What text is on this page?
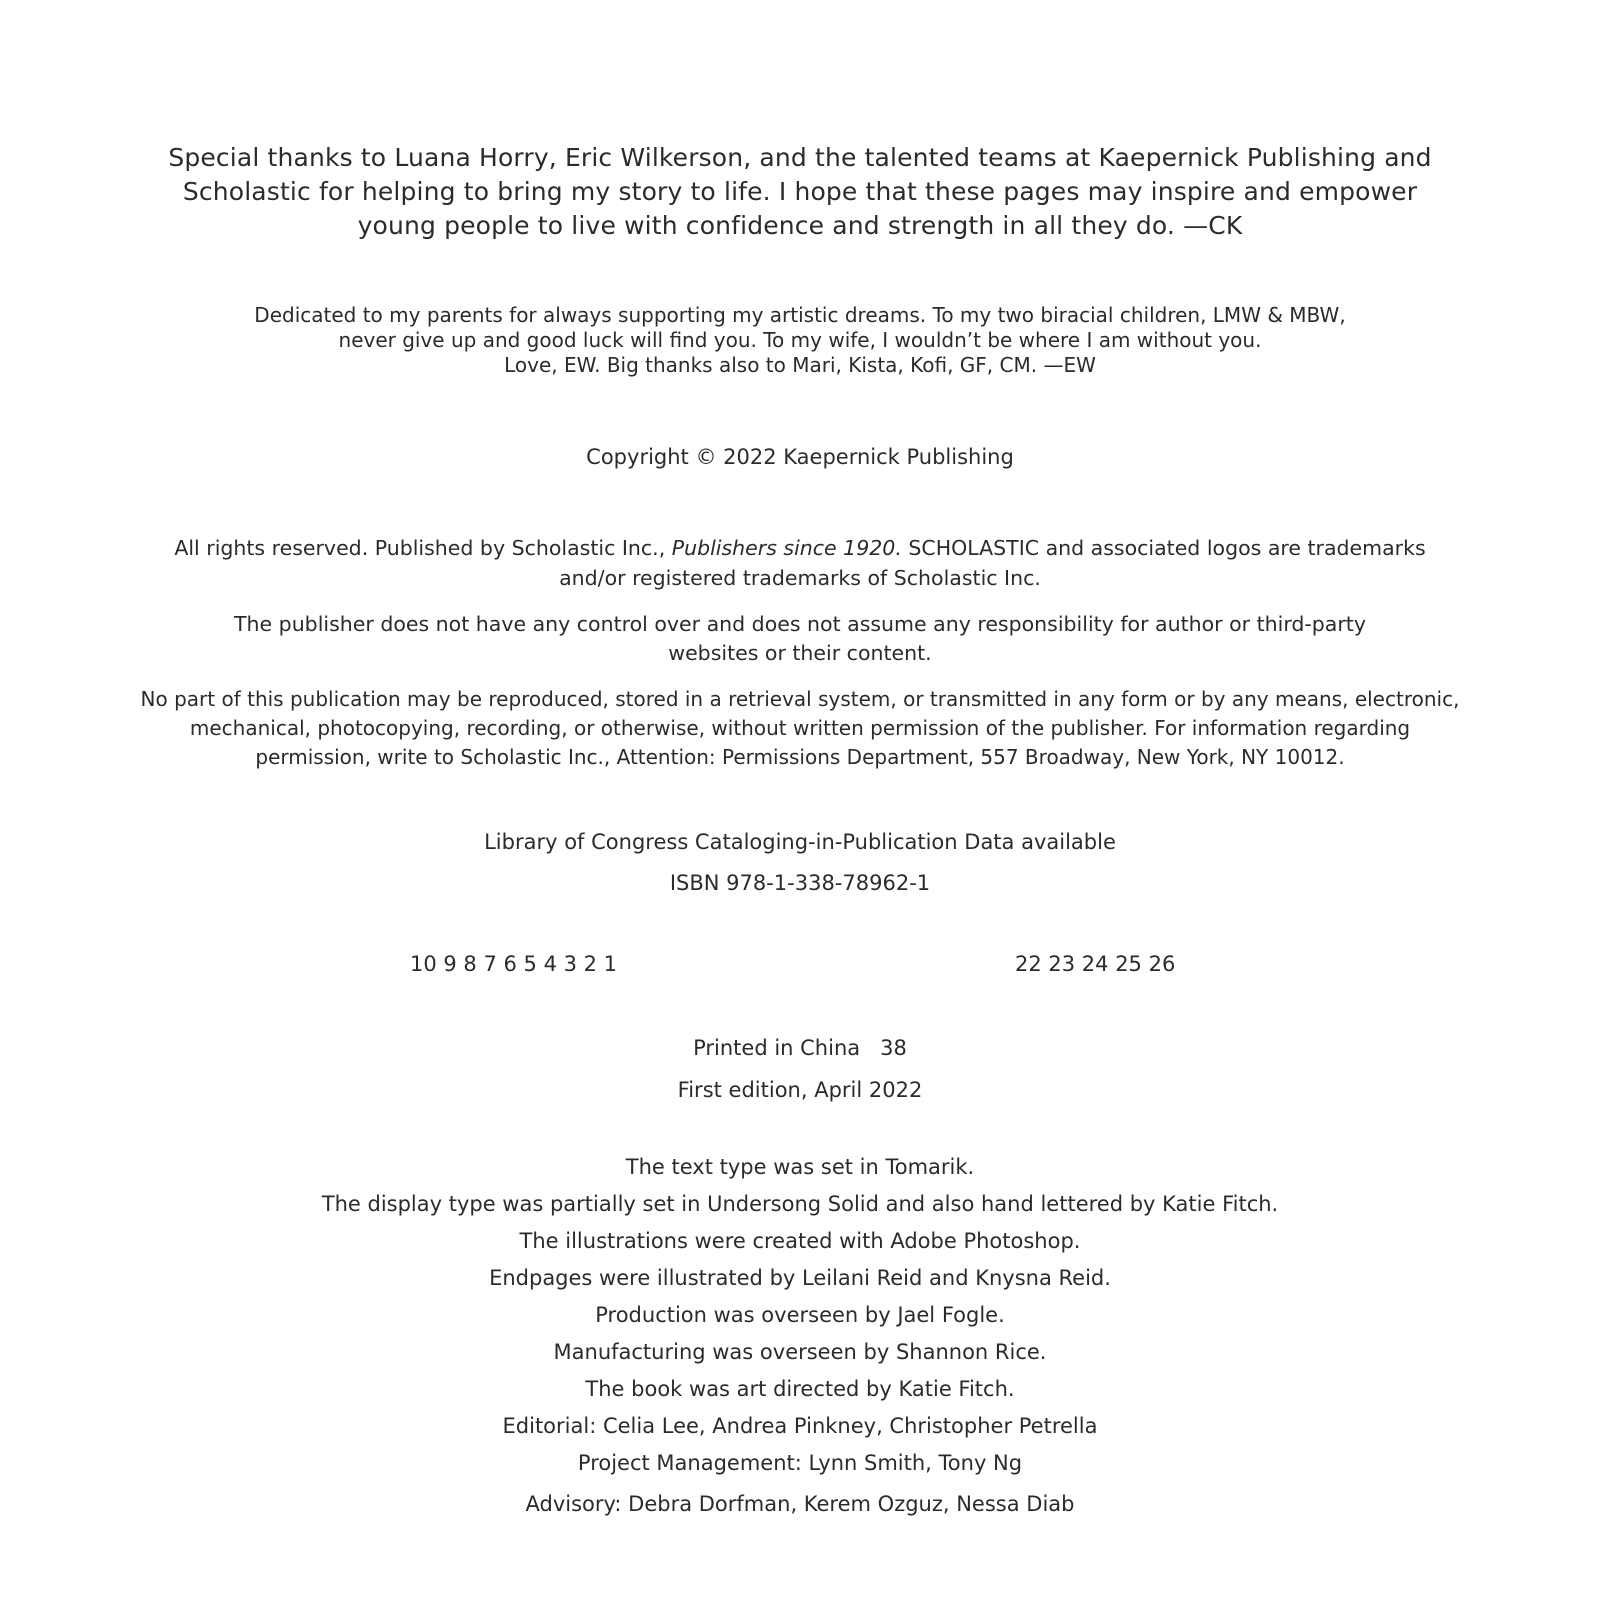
Special thanks to Luana Horry, Eric Wilkerson, and the talented teams at Kaepernick Publishing and
Scholastic for helping to bring my story to life. I hope that these pages may inspire and empower
young people to live with confidence and strength in all they do. —CK
Dedicated to my parents for always supporting my artistic dreams. To my two biracial children, LMW & MBW,
never give up and good luck will find you. To my wife, I wouldn’t be where I am without you.
Love, EW. Big thanks also to Mari, Kista, Kofi, GF, CM. —EW
Copyright © 2022 Kaepernick Publishing
All rights reserved. Published by Scholastic Inc., Publishers since 1920. SCHOLASTIC and associated logos are trademarks
and/or registered trademarks of Scholastic Inc.
The publisher does not have any control over and does not assume any responsibility for author or third-party
websites or their content.
No part of this publication may be reproduced, stored in a retrieval system, or transmitted in any form or by any means, electronic,
mechanical, photocopying, recording, or otherwise, without written permission of the publisher. For information regarding
permission, write to Scholastic Inc., Attention: Permissions Department, 557 Broadway, New York, NY 10012.
Library of Congress Cataloging-in-Publication Data available
ISBN 978-1-338-78962-1
10 9 8 7 6 5 4 3 2 1	22 23 24 25 26
Printed in China   38
First edition, April 2022
The text type was set in Tomarik.
The display type was partially set in Undersong Solid and also hand lettered by Katie Fitch.
The illustrations were created with Adobe Photoshop.
Endpages were illustrated by Leilani Reid and Knysna Reid.
Production was overseen by Jael Fogle.
Manufacturing was overseen by Shannon Rice.
The book was art directed by Katie Fitch.
Editorial: Celia Lee, Andrea Pinkney, Christopher Petrella
Project Management: Lynn Smith, Tony Ng
Advisory: Debra Dorfman, Kerem Ozguz, Nessa Diab
